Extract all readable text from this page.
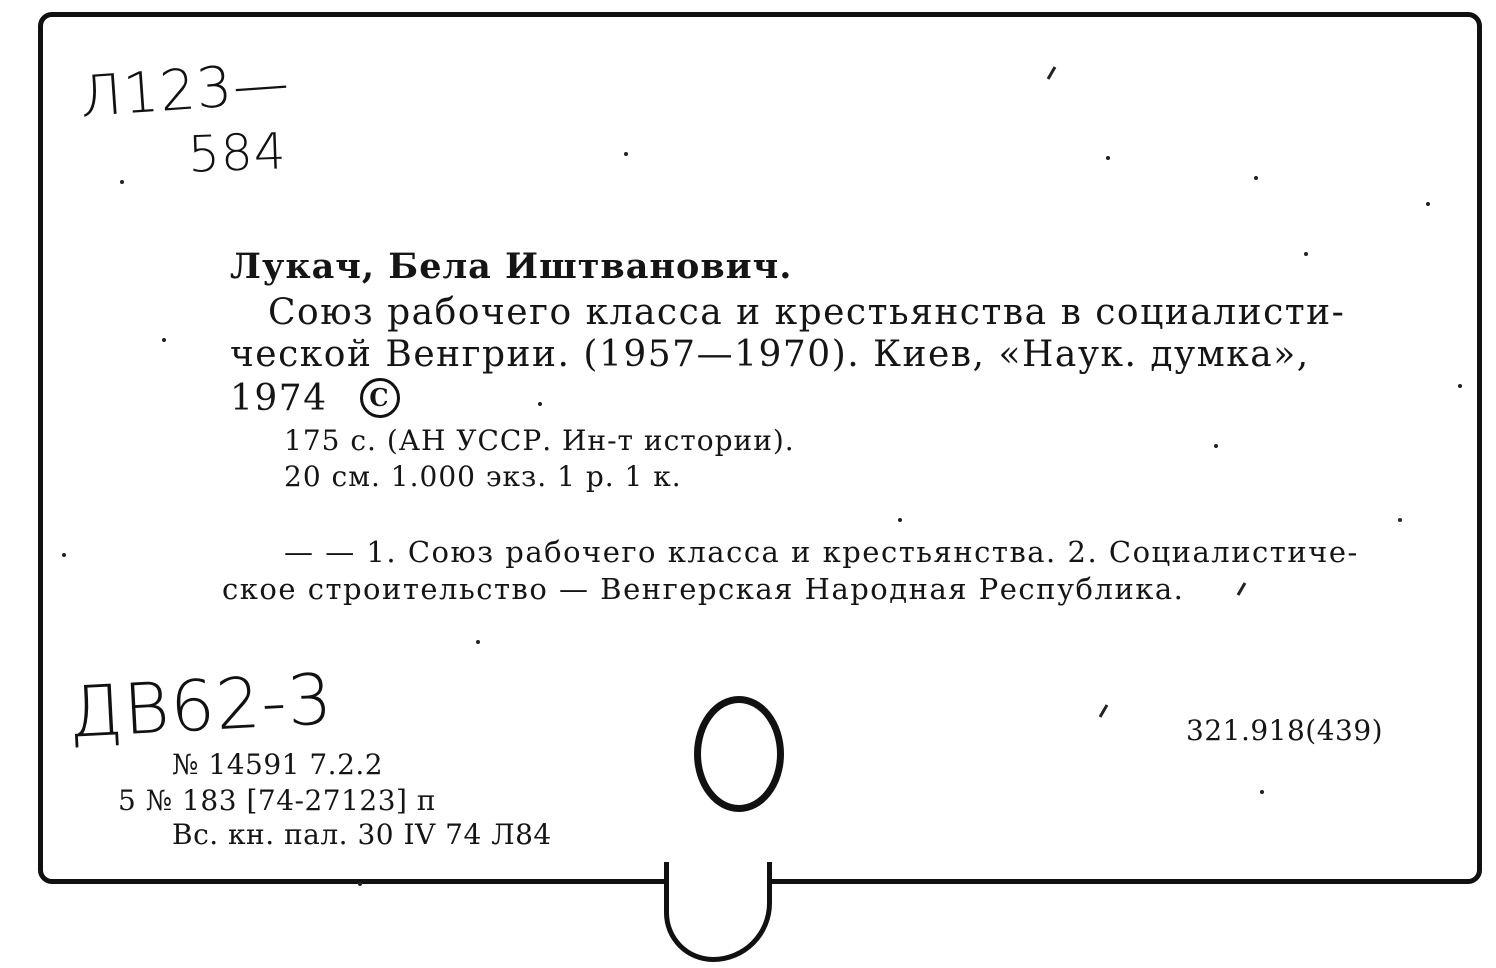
Л123—
584
Лукач, Бела Иштванович.
Союз рабочего класса и крестьянства в социалисти-
ческой Венгрии. (1957—1970). Киев, «Наук. думка»,
1974 C
175 с. (АН УССР. Ин-т истории).
20 см. 1.000 экз. 1 р. 1 к.
— — 1. Союз рабочего класса и крестьянства. 2. Социалистиче-
ское строительство — Венгерская Народная Республика.
ДВ62-3	321.918(439)
№ 14591 7.2.2
5 № 183 [74-27123] п
Вс. кн. пал. 30 IV 74 Л84
